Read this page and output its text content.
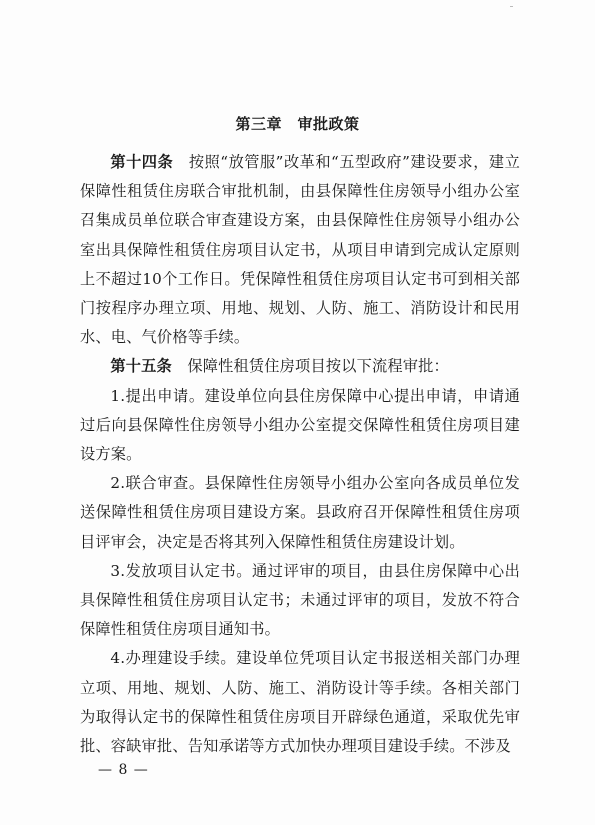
第三章　审批政策

第十四条　按照“放管服”改革和“五型政府”建设要求，建立保障性租赁住房联合审批机制，由县保障性住房领导小组办公室召集成员单位联合审查建设方案，由县保障性住房领导小组办公室出具保障性租赁住房项目认定书，从项目申请到完成认定原则上不超过10个工作日。凭保障性租赁住房项目认定书可到相关部门按程序办理立项、用地、规划、人防、施工、消防设计和民用水、电、气价格等手续。

第十五条　保障性租赁住房项目按以下流程审批：

1.提出申请。建设单位向县住房保障中心提出申请，申请通过后向县保障性住房领导小组办公室提交保障性租赁住房项目建设方案。

2.联合审查。县保障性住房领导小组办公室向各成员单位发送保障性租赁住房项目建设方案。县政府召开保障性租赁住房项目评审会，决定是否将其列入保障性租赁住房建设计划。

3.发放项目认定书。通过评审的项目，由县住房保障中心出具保障性租赁住房项目认定书；未通过评审的项目，发放不符合保障性租赁住房项目通知书。

4.办理建设手续。建设单位凭项目认定书报送相关部门办理立项、用地、规划、人防、施工、消防设计等手续。各相关部门为取得认定书的保障性租赁住房项目开辟绿色通道，采取优先审批、容缺审批、告知承诺等方式加快办理项目建设手续。不涉及

— 8 —
